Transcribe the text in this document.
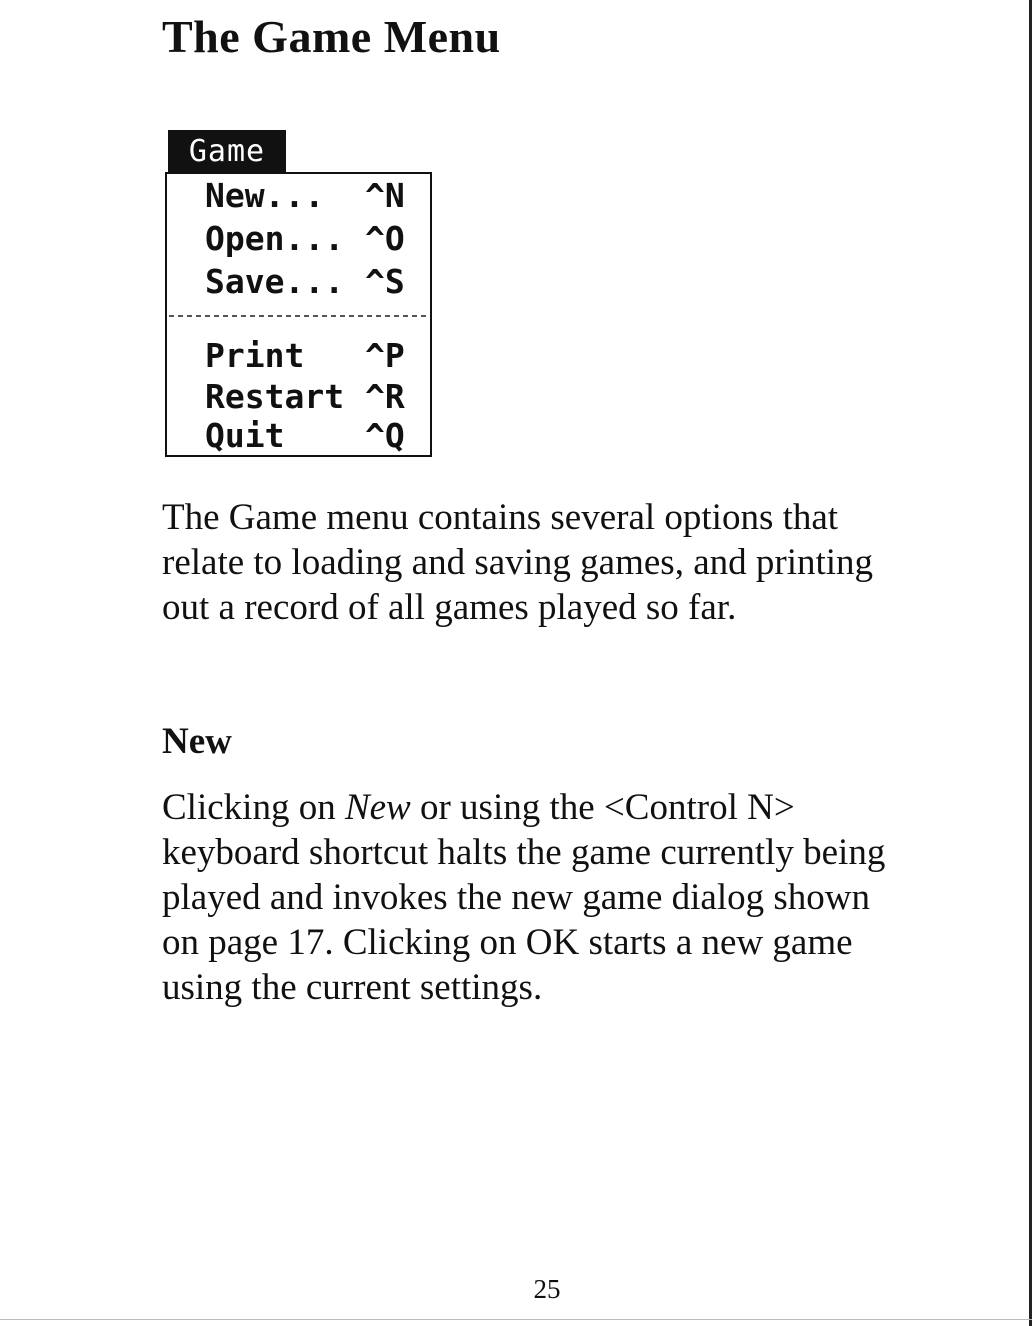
The Game Menu
Game
New... ^N
Open... ^O
Save... ^S
Print ^P
Restart ^R
Quit ^Q
The Game menu contains several options that
relate to loading and saving games, and printing
out a record of all games played so far.
New
Clicking on New or using the <Control N>
keyboard shortcut halts the game currently being
played and invokes the new game dialog shown
on page 17. Clicking on OK starts a new game
using the current settings.
25
